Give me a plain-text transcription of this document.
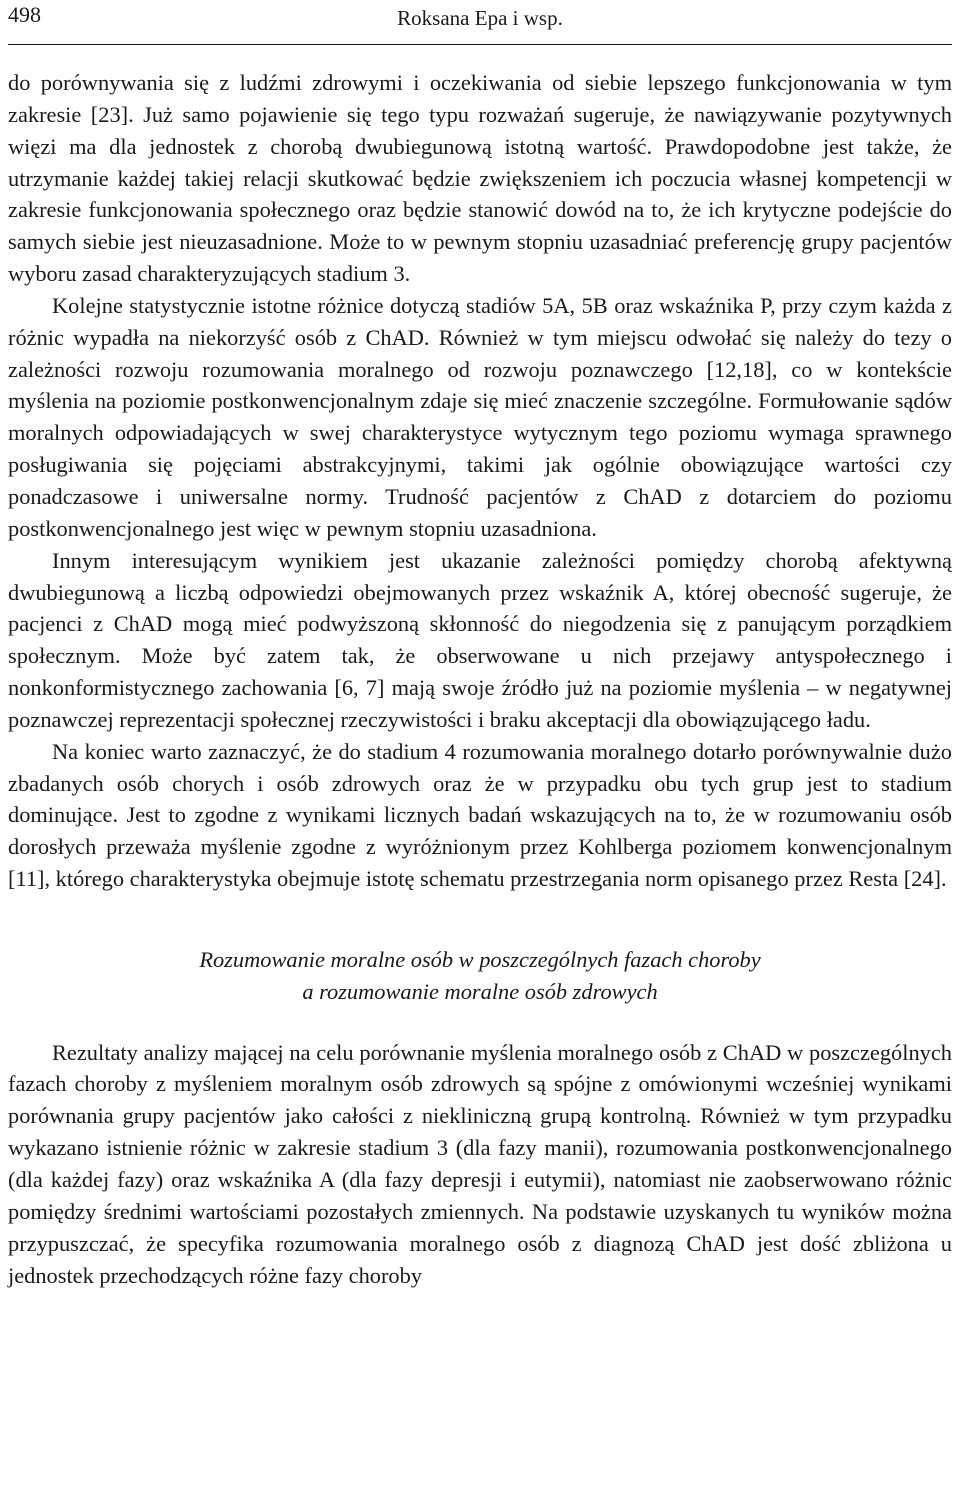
498	Roksana Epa i wsp.

do porównywania się z ludźmi zdrowymi i oczekiwania od siebie lepszego funkcjonowania w tym zakresie [23]. Już samo pojawienie się tego typu rozważań sugeruje, że nawiązywanie pozytywnych więzi ma dla jednostek z chorobą dwubiegunową istotną wartość. Prawdopodobne jest także, że utrzymanie każdej takiej relacji skutkować będzie zwiększeniem ich poczucia własnej kompetencji w zakresie funkcjonowania społecznego oraz będzie stanowić dowód na to, że ich krytyczne podejście do samych siebie jest nieuzasadnione. Może to w pewnym stopniu uzasadniać preferencję grupy pacjentów wyboru zasad charakteryzujących stadium 3.

Kolejne statystycznie istotne różnice dotyczą stadiów 5A, 5B oraz wskaźnika P, przy czym każda z różnic wypadła na niekorzyść osób z ChAD. Również w tym miejscu odwołać się należy do tezy o zależności rozwoju rozumowania moralnego od rozwoju poznawczego [12,18], co w kontekście myślenia na poziomie postkonwencjonalnym zdaje się mieć znaczenie szczególne. Formułowanie sądów moralnych odpowiadających w swej charakterystyce wytycznym tego poziomu wymaga sprawnego posługiwania się pojęciami abstrakcyjnymi, takimi jak ogólnie obowiązujące wartości czy ponadczasowe i uniwersalne normy. Trudność pacjentów z ChAD z dotarciem do poziomu postkonwencjonalnego jest więc w pewnym stopniu uzasadniona.

Innym interesującym wynikiem jest ukazanie zależności pomiędzy chorobą afektywną dwubiegunową a liczbą odpowiedzi obejmowanych przez wskaźnik A, której obecność sugeruje, że pacjenci z ChAD mogą mieć podwyższoną skłonność do niegodzenia się z panującym porządkiem społecznym. Może być zatem tak, że obserwowane u nich przejawy antyspołecznego i nonkonformistycznego zachowania [6, 7] mają swoje źródło już na poziomie myślenia – w negatywnej poznawczej reprezentacji społecznej rzeczywistości i braku akceptacji dla obowiązującego ładu.

Na koniec warto zaznaczyć, że do stadium 4 rozumowania moralnego dotarło porównywalnie dużo zbadanych osób chorych i osób zdrowych oraz że w przypadku obu tych grup jest to stadium dominujące. Jest to zgodne z wynikami licznych badań wskazujących na to, że w rozumowaniu osób dorosłych przeważa myślenie zgodne z wyróżnionym przez Kohlberga poziomem konwencjonalnym [11], którego charakterystyka obejmuje istotę schematu przestrzegania norm opisanego przez Resta [24].

Rozumowanie moralne osób w poszczególnych fazach choroby
a rozumowanie moralne osób zdrowych

Rezultaty analizy mającej na celu porównanie myślenia moralnego osób z ChAD w poszczególnych fazach choroby z myśleniem moralnym osób zdrowych są spójne z omówionymi wcześniej wynikami porównania grupy pacjentów jako całości z niekliniczną grupą kontrolną. Również w tym przypadku wykazano istnienie różnic w zakresie stadium 3 (dla fazy manii), rozumowania postkonwencjonalnego (dla każdej fazy) oraz wskaźnika A (dla fazy depresji i eutymii), natomiast nie zaobserwowano różnic pomiędzy średnimi wartościami pozostałych zmiennych. Na podstawie uzyskanych tu wyników można przypuszczać, że specyfika rozumowania moralnego osób z diagnozą ChAD jest dość zbliżona u jednostek przechodzących różne fazy choroby
